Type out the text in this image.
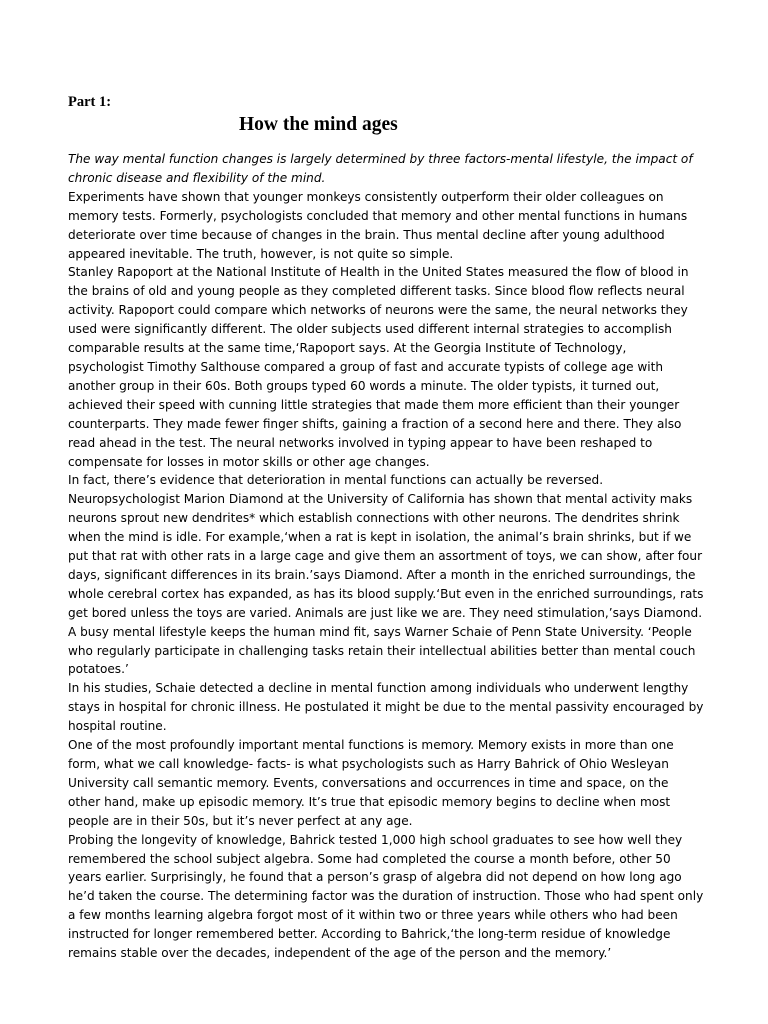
Part 1:
How the mind ages

The way mental function changes is largely determined by three factors-mental lifestyle, the impact of chronic disease and flexibility of the mind.

Experiments have shown that younger monkeys consistently outperform their older colleagues on memory tests. Formerly, psychologists concluded that memory and other mental functions in humans deteriorate over time because of changes in the brain. Thus mental decline after young adulthood appeared inevitable. The truth, however, is not quite so simple.

Stanley Rapoport at the National Institute of Health in the United States measured the flow of blood in the brains of old and young people as they completed different tasks. Since blood flow reflects neural activity. Rapoport could compare which networks of neurons were the same, the neural networks they used were significantly different. The older subjects used different internal strategies to accomplish comparable results at the same time,‘Rapoport says. At the Georgia Institute of Technology, psychologist Timothy Salthouse compared a group of fast and accurate typists of college age with another group in their 60s. Both groups typed 60 words a minute. The older typists, it turned out, achieved their speed with cunning little strategies that made them more efficient than their younger counterparts. They made fewer finger shifts, gaining a fraction of a second here and there. They also read ahead in the test. The neural networks involved in typing appear to have been reshaped to compensate for losses in motor skills or other age changes.

In fact, there’s evidence that deterioration in mental functions can actually be reversed. Neuropsychologist Marion Diamond at the University of California has shown that mental activity maks neurons sprout new dendrites* which establish connections with other neurons. The dendrites shrink when the mind is idle. For example,‘when a rat is kept in isolation, the animal’s brain shrinks, but if we put that rat with other rats in a large cage and give them an assortment of toys, we can show, after four days, significant differences in its brain.’says Diamond. After a month in the enriched surroundings, the whole cerebral cortex has expanded, as has its blood supply.‘But even in the enriched surroundings, rats get bored unless the toys are varied. Animals are just like we are. They need stimulation,’says Diamond. A busy mental lifestyle keeps the human mind fit, says Warner Schaie of Penn State University. ‘People who regularly participate in challenging tasks retain their intellectual abilities better than mental couch potatoes.’

In his studies, Schaie detected a decline in mental function among individuals who underwent lengthy stays in hospital for chronic illness. He postulated it might be due to the mental passivity encouraged by hospital routine.

One of the most profoundly important mental functions is memory. Memory exists in more than one form, what we call knowledge- facts- is what psychologists such as Harry Bahrick of Ohio Wesleyan University call semantic memory. Events, conversations and occurrences in time and space, on the other hand, make up episodic memory. It’s true that episodic memory begins to decline when most people are in their 50s, but it’s never perfect at any age.

Probing the longevity of knowledge, Bahrick tested 1,000 high school graduates to see how well they remembered the school subject algebra. Some had completed the course a month before, other 50 years earlier. Surprisingly, he found that a person’s grasp of algebra did not depend on how long ago he’d taken the course. The determining factor was the duration of instruction. Those who had spent only a few months learning algebra forgot most of it within two or three years while others who had been instructed for longer remembered better. According to Bahrick,‘the long-term residue of knowledge remains stable over the decades, independent of the age of the person and the memory.’
